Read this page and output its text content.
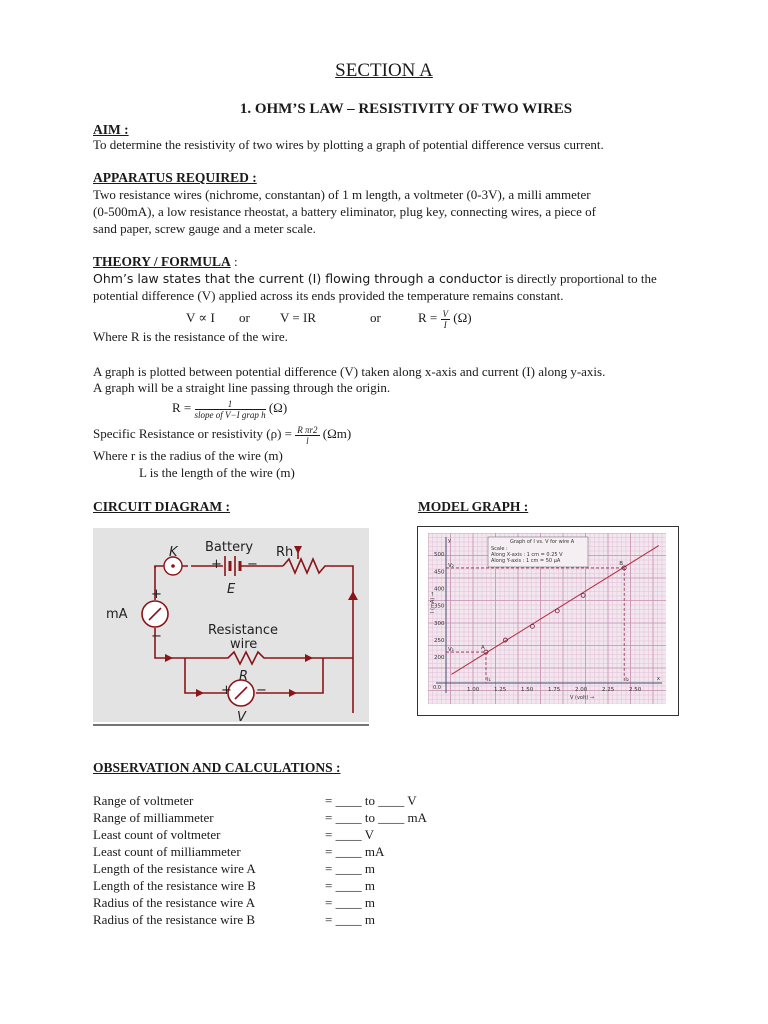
SECTION A
1. OHM’S LAW – RESISTIVITY OF TWO WIRES
AIM :
To determine the resistivity of two wires by plotting a graph of potential difference versus current.
APPARATUS REQUIRED :
Two resistance wires (nichrome, constantan) of 1 m length, a voltmeter (0-3V), a milli ammeter
(0-500mA), a low resistance rheostat, a battery eliminator, plug key, connecting wires, a piece of
sand paper, screw gauge and a meter scale.
THEORY / FORMULA :
Ohm’s law states that the current (I) flowing through a conductor is directly proportional to the
potential difference (V) applied across its ends provided the temperature remains constant.
V ∝ I or V = IR	or	$R = \frac{V}{I} (\Omega)$
Where R is the resistance of the wire.
A graph is plotted between potential difference (V) taken along x-axis and current (I) along y-axis.
A graph will be a straight line passing through the origin.
$R = \frac{1}{\text{slope of V−I grap h}} (\Omega)$
Specific Resistance or resistivity $(\rho) = \frac{\text{R πr2}}{l} (\Omega m)$
Where r is the radius of the wire (m)
L is the length of the wire (m)
CIRCUIT DIAGRAM :	MODEL GRAPH :
K Battery Rh
+ −
E
mA
+
−	Resistance
wire
R
+ −
V
1.00	1.25	1.50	1.75	2.00	2.25	2.50
200
250
300
350
400
450
500
Graph of I vs. V for wire A
Scale :
Along X-axis : 1 cm = 0.25 V
Along Y-axis : 1 cm = 50 μA
V (volt) →
I (mA) →
0.0
y
x
V₂
V₁
I₁	I₂
A
B
OBSERVATION AND CALCULATIONS :
Range of voltmeter	= ____ to ____ V
Range of milliammeter	= ____ to ____ mA
Least count of voltmeter	= ____ V
Least count of milliammeter	= ____ mA
Length of the resistance wire A	= ____ m
Length of the resistance wire B	= ____ m
Radius of the resistance wire A	= ____ m
Radius of the resistance wire B	= ____ m
